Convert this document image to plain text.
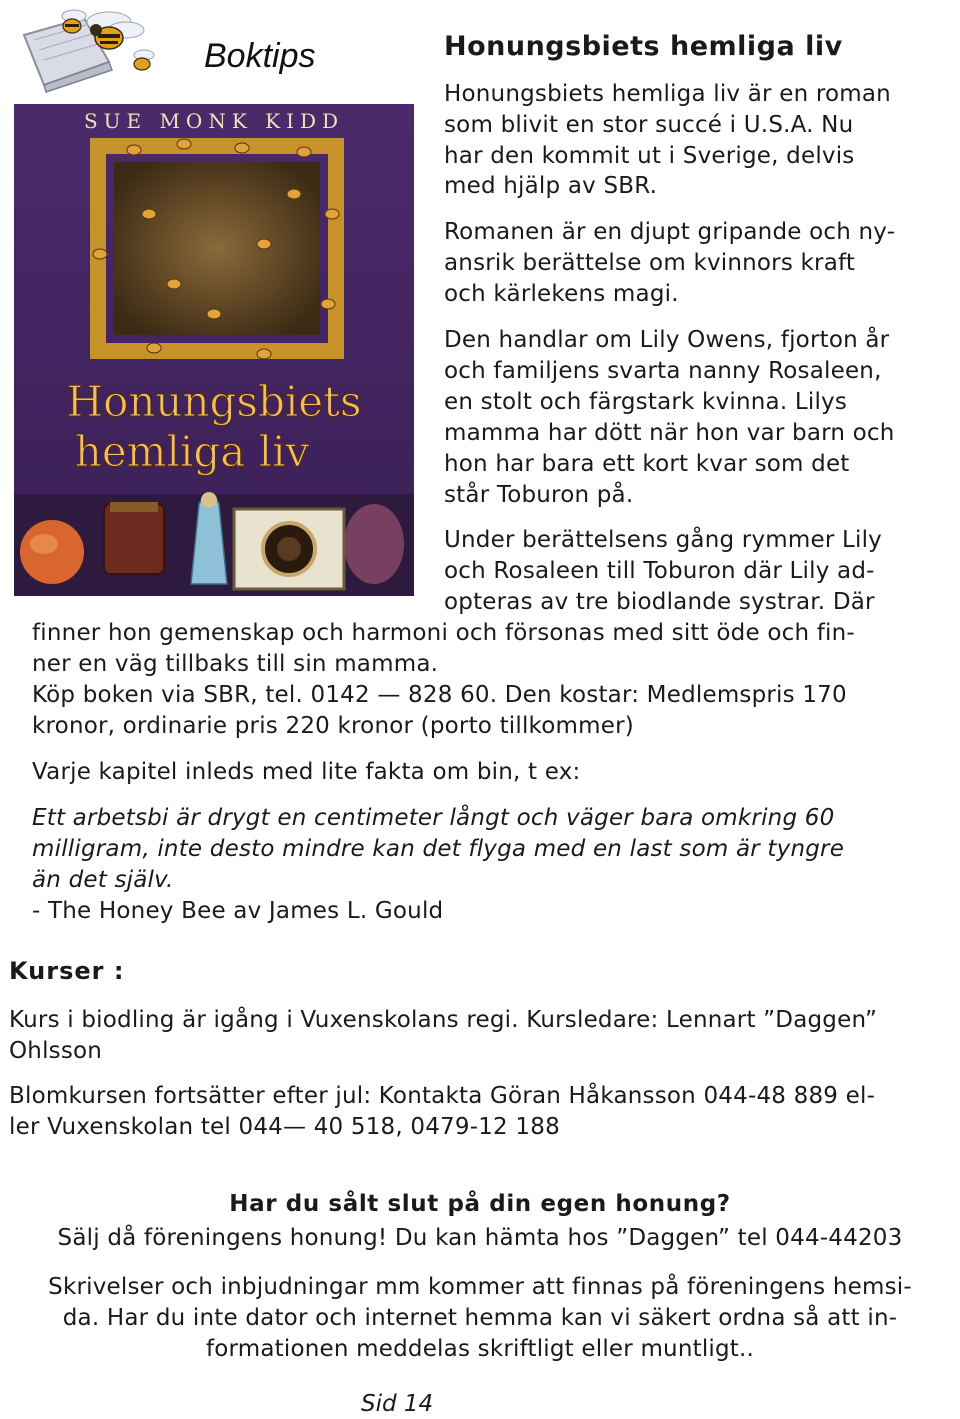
Boktips
SUE MONK KIDD
Honungsbiets
hemliga liv
Honungsbiets hemliga liv
Honungsbiets hemliga liv är en roman
som blivit en stor succé i U.S.A. Nu
har den kommit ut i Sverige, delvis
med hjälp av SBR.
Romanen är en djupt gripande och ny-
ansrik berättelse om kvinnors kraft
och kärlekens magi.
Den handlar om Lily Owens, fjorton år
och familjens svarta nanny Rosaleen,
en stolt och färgstark kvinna. Lilys
mamma har dött när hon var barn och
hon har bara ett kort kvar som det
står Toburon på.
Under berättelsens gång rymmer Lily
och Rosaleen till Toburon där Lily ad-
opteras av tre biodlande systrar. Där
finner hon gemenskap och harmoni och försonas med sitt öde och fin-
ner en väg tillbaks till sin mamma.
Köp boken via SBR, tel. 0142 — 828 60. Den kostar: Medlemspris 170
kronor, ordinarie pris 220 kronor (porto tillkommer)
Varje kapitel inleds med lite fakta om bin, t ex:
Ett arbetsbi är drygt en centimeter långt och väger bara omkring 60
milligram, inte desto mindre kan det flyga med en last som är tyngre
än det själv.
- The Honey Bee av James L. Gould
Kurser :
Kurs i biodling är igång i Vuxenskolans regi. Kursledare: Lennart ”Daggen”
Ohlsson
Blomkursen fortsätter efter jul: Kontakta Göran Håkansson 044-48 889 el-
ler Vuxenskolan tel 044— 40 518, 0479-12 188
Har du sålt slut på din egen honung?
Sälj då föreningens honung! Du kan hämta hos ”Daggen” tel 044-44203
Skrivelser och inbjudningar mm kommer att finnas på föreningens hemsi-
da. Har du inte dator och internet hemma kan vi säkert ordna så att in-
formationen meddelas skriftligt eller muntligt..
Sid 14
